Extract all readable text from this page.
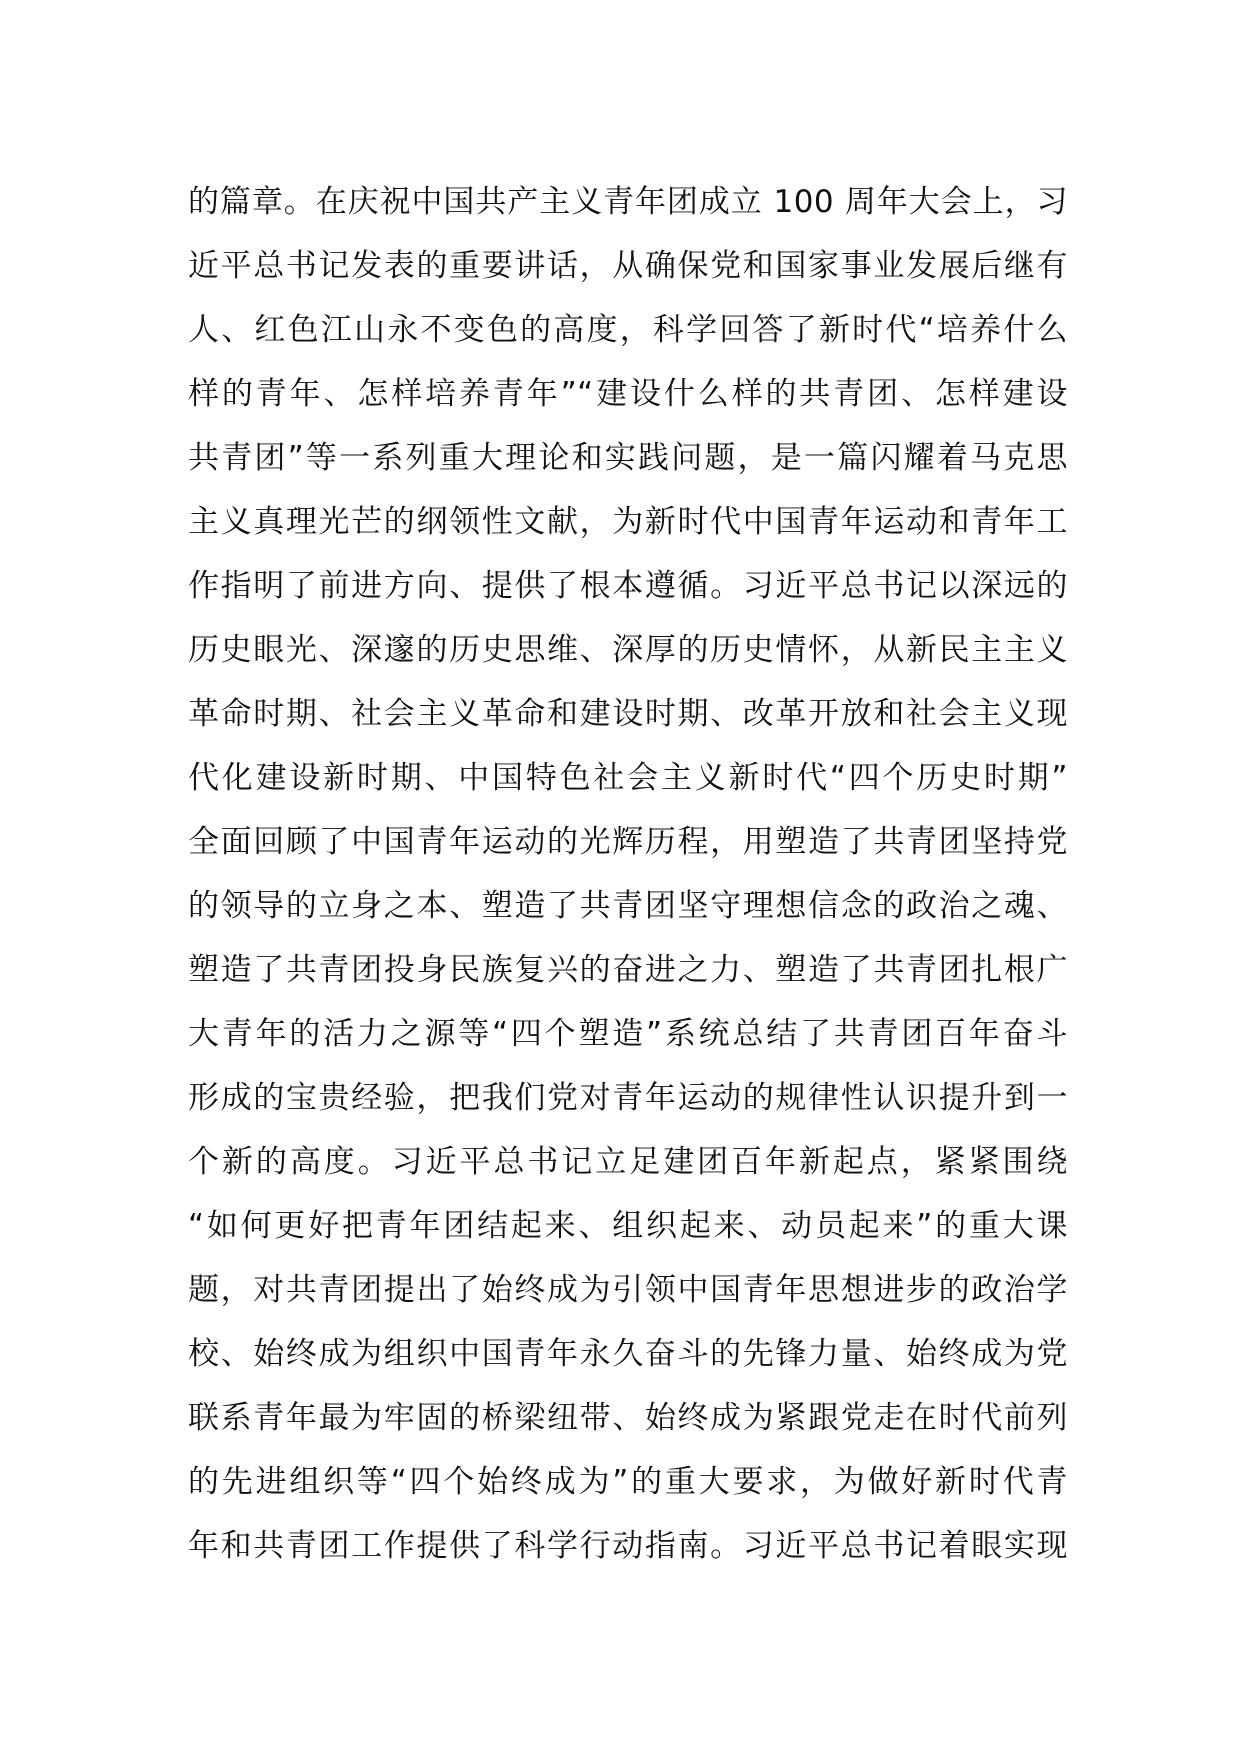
的篇章。在庆祝中国共产主义青年团成立 100 周年大会上，习
近平总书记发表的重要讲话，从确保党和国家事业发展后继有
人、红色江山永不变色的高度，科学回答了新时代“培养什么
样的青年、怎样培养青年”“建设什么样的共青团、怎样建设
共青团”等一系列重大理论和实践问题，是一篇闪耀着马克思
主义真理光芒的纲领性文献，为新时代中国青年运动和青年工
作指明了前进方向、提供了根本遵循。习近平总书记以深远的
历史眼光、深邃的历史思维、深厚的历史情怀，从新民主主义
革命时期、社会主义革命和建设时期、改革开放和社会主义现
代化建设新时期、中国特色社会主义新时代“四个历史时期”
全面回顾了中国青年运动的光辉历程，用塑造了共青团坚持党
的领导的立身之本、塑造了共青团坚守理想信念的政治之魂、
塑造了共青团投身民族复兴的奋进之力、塑造了共青团扎根广
大青年的活力之源等“四个塑造”系统总结了共青团百年奋斗
形成的宝贵经验，把我们党对青年运动的规律性认识提升到一
个新的高度。习近平总书记立足建团百年新起点，紧紧围绕
“如何更好把青年团结起来、组织起来、动员起来”的重大课
题，对共青团提出了始终成为引领中国青年思想进步的政治学
校、始终成为组织中国青年永久奋斗的先锋力量、始终成为党
联系青年最为牢固的桥梁纽带、始终成为紧跟党走在时代前列
的先进组织等“四个始终成为”的重大要求，为做好新时代青
年和共青团工作提供了科学行动指南。习近平总书记着眼实现
